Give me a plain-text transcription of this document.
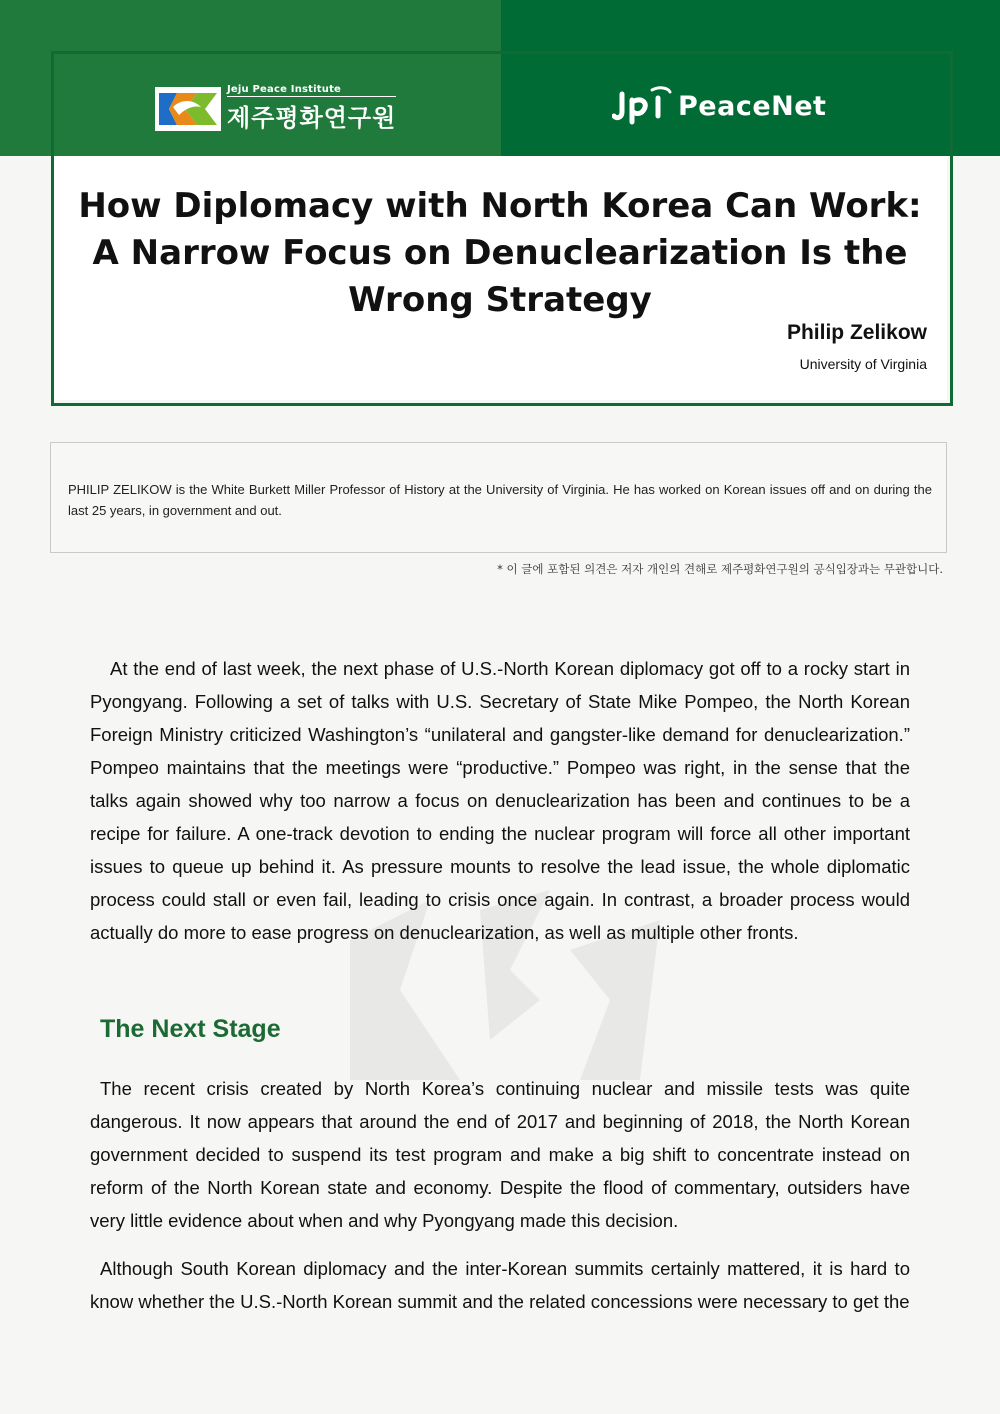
Jeju Peace Institute
제주평화연구원	PeaceNet
How Diplomacy with North Korea Can Work:
A Narrow Focus on Denuclearization Is the
Wrong Strategy
Philip Zelikow
University of Virginia
PHILIP ZELIKOW is the White Burkett Miller Professor of History at the University of Virginia. He has worked on Korean issues off and on during the last 25 years, in government and out.
* 이 글에 포함된 의견은 저자 개인의 견해로 제주평화연구원의 공식입장과는 무관합니다.

At the end of last week, the next phase of U.S.-North Korean diplomacy got off to a rocky start in Pyongyang. Following a set of talks with U.S. Secretary of State Mike Pompeo, the North Korean Foreign Ministry criticized Washington’s “unilateral and gangster-like demand for denuclearization.” Pompeo maintains that the meetings were “productive.” Pompeo was right, in the sense that the talks again showed why too narrow a focus on denuclearization has been and continues to be a recipe for failure. A one-track devotion to ending the nuclear program will force all other important issues to queue up behind it. As pressure mounts to resolve the lead issue, the whole diplomatic process could stall or even fail, leading to crisis once again. In contrast, a broader process would actually do more to ease progress on denuclearization, as well as multiple other fronts.

The Next Stage

The recent crisis created by North Korea’s continuing nuclear and missile tests was quite dangerous. It now appears that around the end of 2017 and beginning of 2018, the North Korean government decided to suspend its test program and make a big shift to concentrate instead on reform of the North Korean state and economy. Despite the flood of commentary, outsiders have very little evidence about when and why Pyongyang made this decision.

Although South Korean diplomacy and the inter-Korean summits certainly mattered, it is hard to know whether the U.S.-North Korean summit and the related concessions were necessary to get the
